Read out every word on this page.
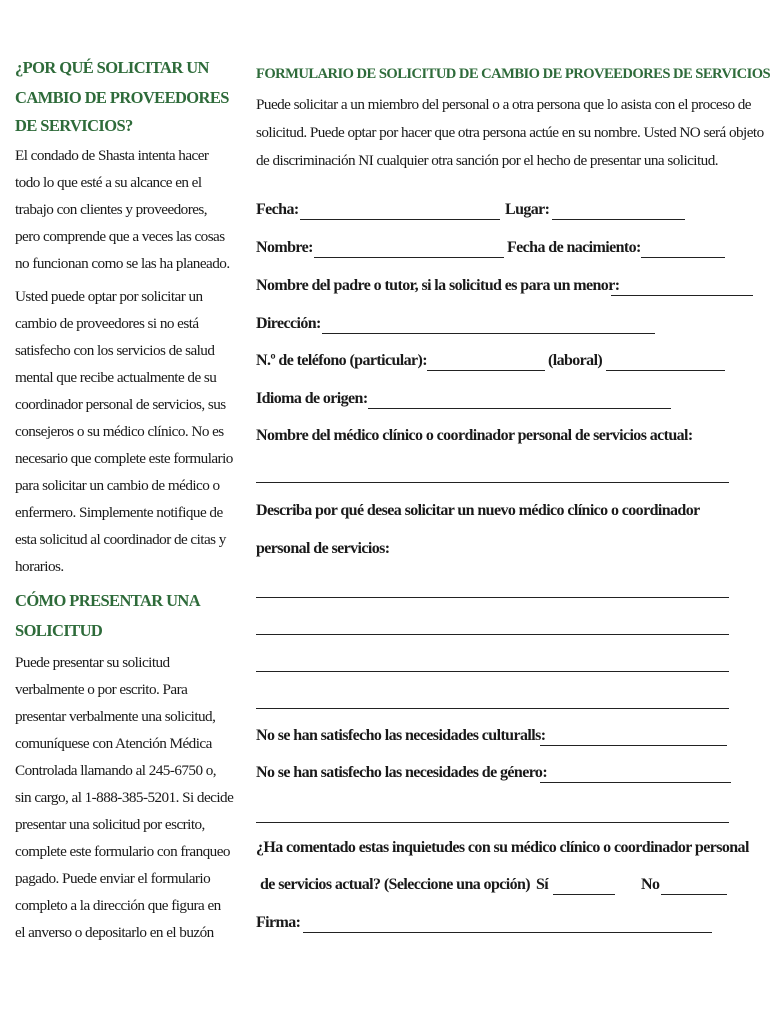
¿POR QUÉ SOLICITAR UN
CAMBIO DE PROVEEDORES
DE SERVICIOS?
El condado de Shasta intenta hacer
todo lo que esté a su alcance en el
trabajo con clientes y proveedores,
pero comprende que a veces las cosas
no funcionan como se las ha planeado.
Usted puede optar por solicitar un
cambio de proveedores si no está
satisfecho con los servicios de salud
mental que recibe actualmente de su
coordinador personal de servicios, sus
consejeros o su médico clínico. No es
necesario que complete este formulario
para solicitar un cambio de médico o
enfermero. Simplemente notifique de
esta solicitud al coordinador de citas y
horarios.
CÓMO PRESENTAR UNA
SOLICITUD
Puede presentar su solicitud
verbalmente o por escrito. Para
presentar verbalmente una solicitud,
comuníquese con Atención Médica
Controlada llamando al 245-6750 o,
sin cargo, al 1-888-385-5201. Si decide
presentar una solicitud por escrito,
complete este formulario con franqueo
pagado. Puede enviar el formulario
completo a la dirección que figura en
el anverso o depositarlo en el buzón
FORMULARIO DE SOLICITUD DE CAMBIO DE PROVEEDORES DE SERVICIOS
Puede solicitar a un miembro del personal o a otra persona que lo asista con el proceso de
solicitud. Puede optar por hacer que otra persona actúe en su nombre. Usted NO será objeto
de discriminación NI cualquier otra sanción por el hecho de presentar una solicitud.
Fecha:	Lugar:
Nombre:	Fecha de nacimiento:
Nombre del padre o tutor, si la solicitud es para un menor:
Dirección:
N.º de teléfono (particular):	(laboral)
Idioma de origen:
Nombre del médico clínico o coordinador personal de servicios actual:
Describa por qué desea solicitar un nuevo médico clínico o coordinador
personal de servicios:
No se han satisfecho las necesidades culturalls:
No se han satisfecho las necesidades de género:
¿Ha comentado estas inquietudes con su médico clínico o coordinador personal
de servicios actual? (Seleccione una opción) Sí	No
Firma:
